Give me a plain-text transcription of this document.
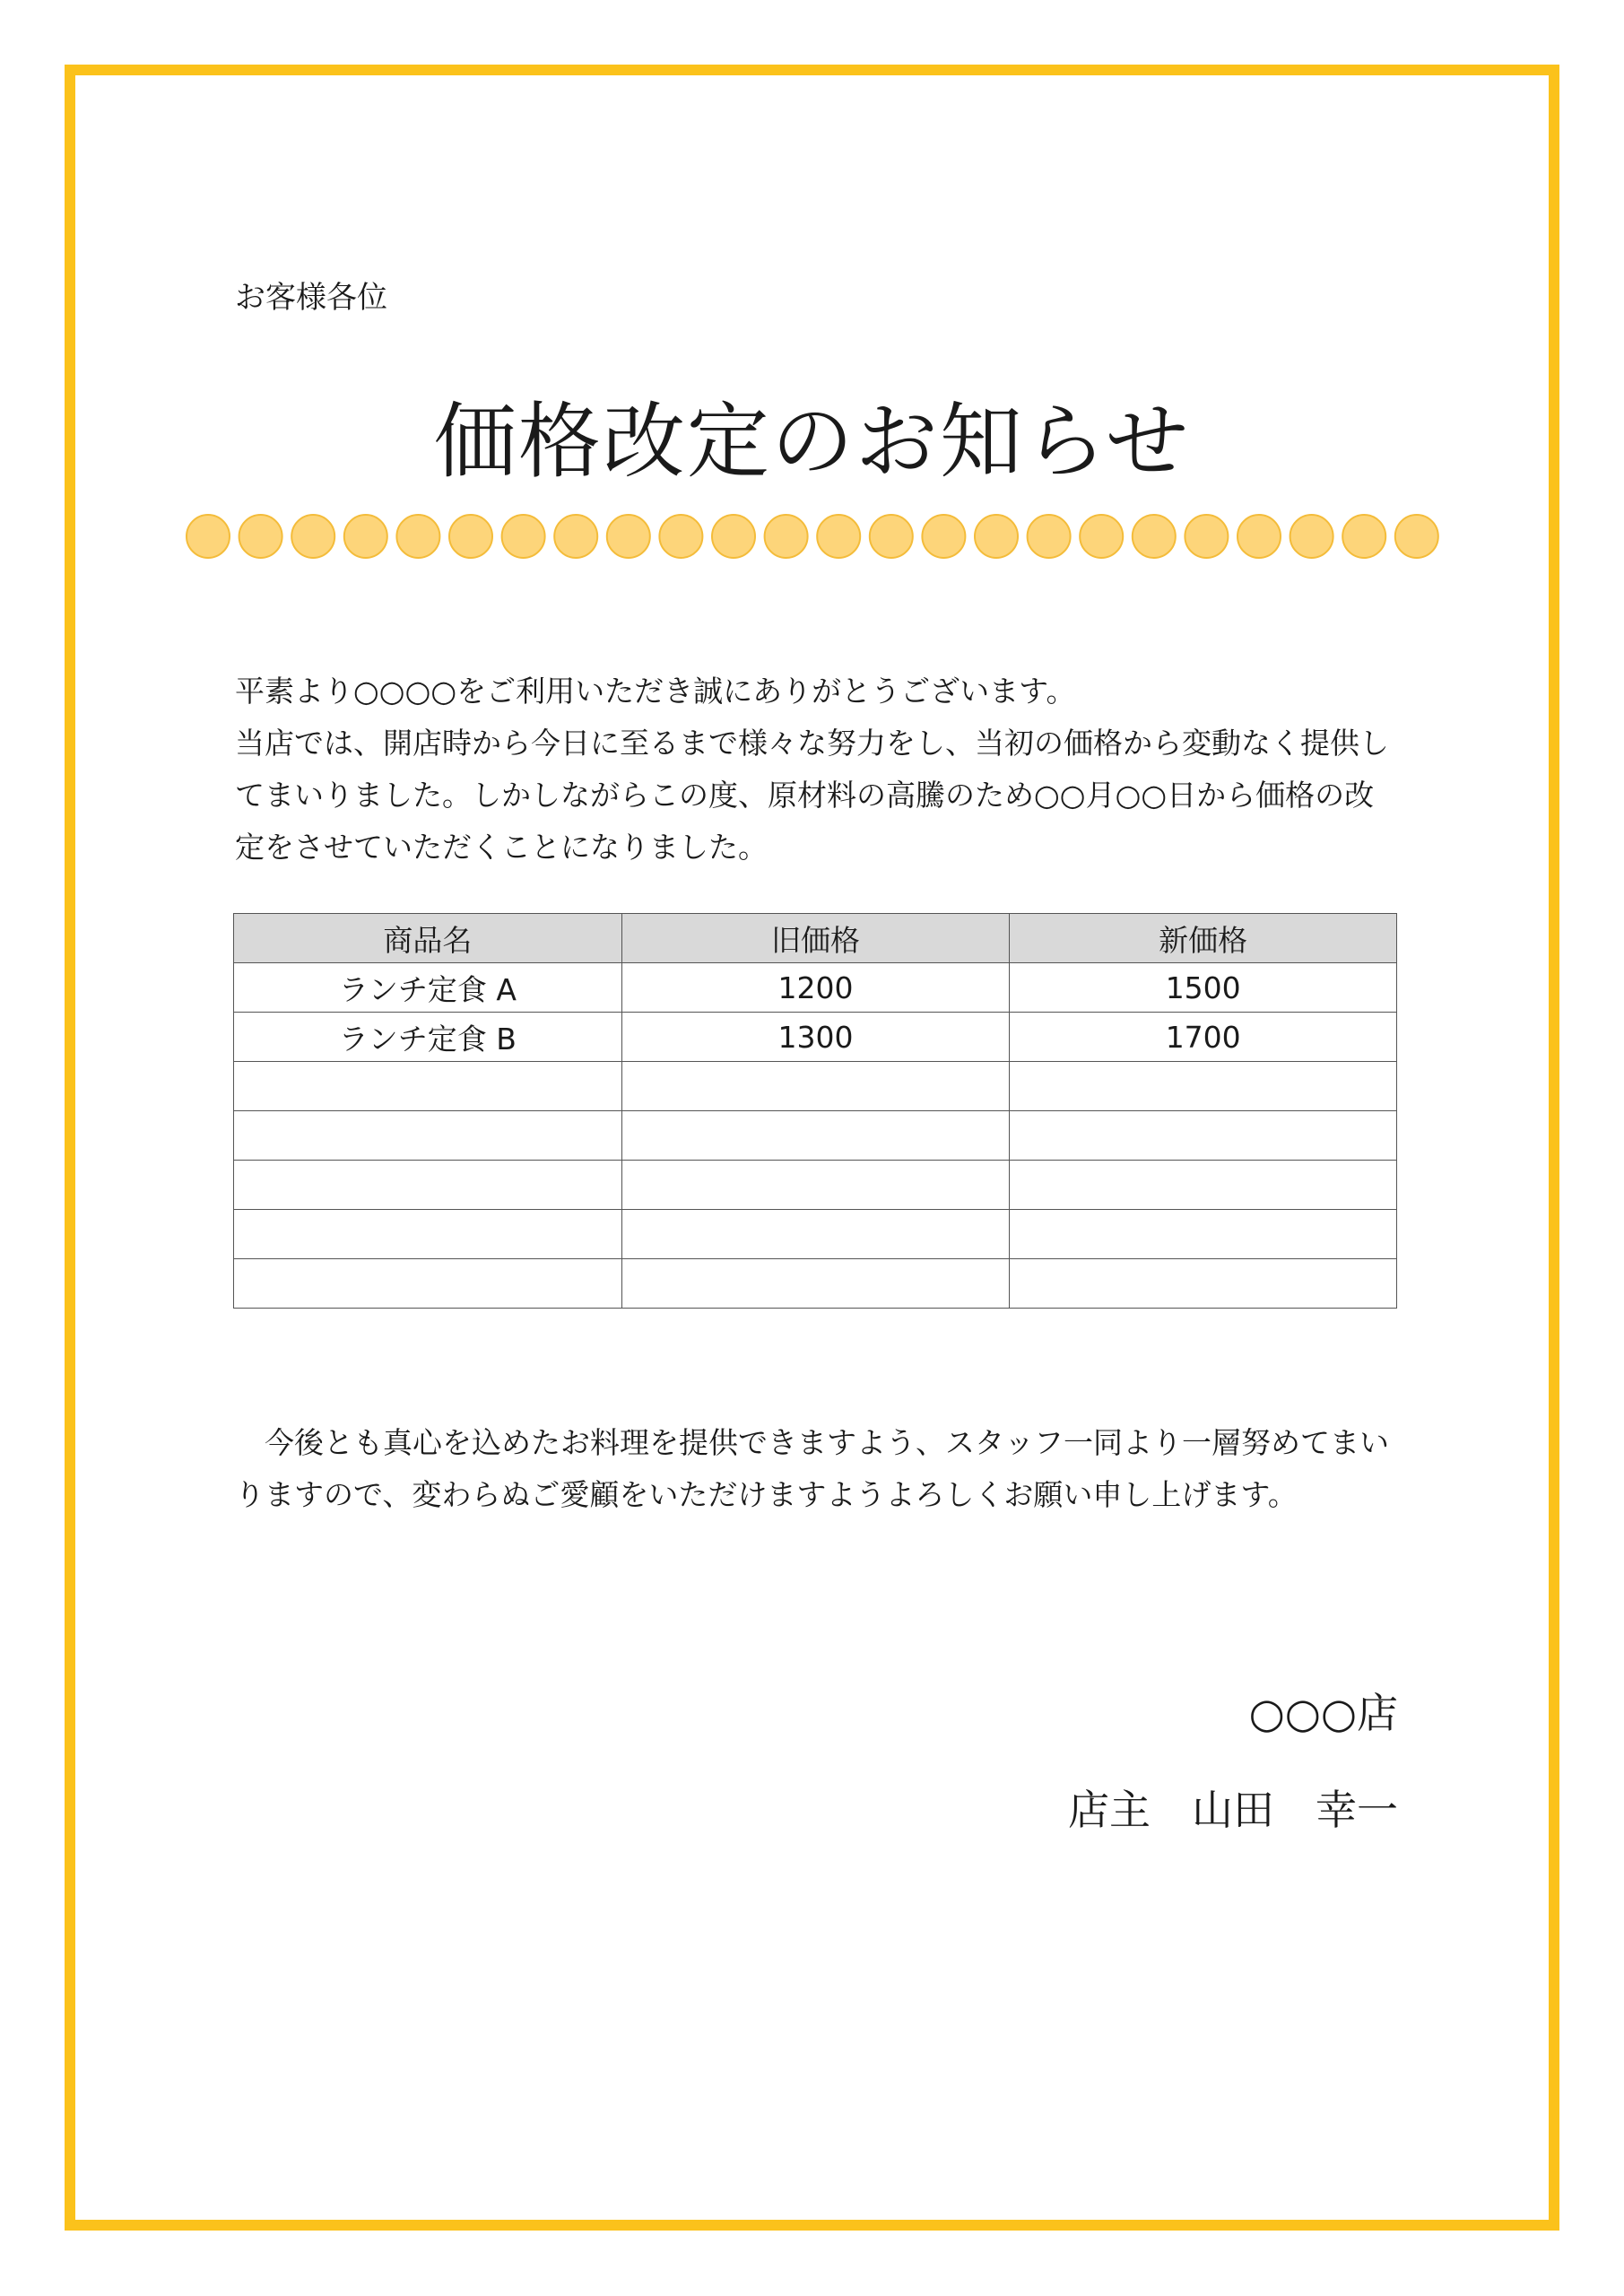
お客様各位
価格改定のお知らせ

平素より○○○○をご利用いただき誠にありがとうございます。

当店では、開店時から今日に至るまで様々な努力をし、当初の価格から変動なく提供し

てまいりました。しかしながらこの度、原材料の高騰のため○○月○○日から価格の改

定をさせていただくことになりました。

商品名	旧価格	新価格
ランチ定食 A	1200	1500
ランチ定食 B	1300	1700

　今後とも真心を込めたお料理を提供できますよう、スタッフ一同より一層努めてまい

りますので、変わらぬご愛顧をいただけますようよろしくお願い申し上げます。

○○○店
店主 山田 幸一
